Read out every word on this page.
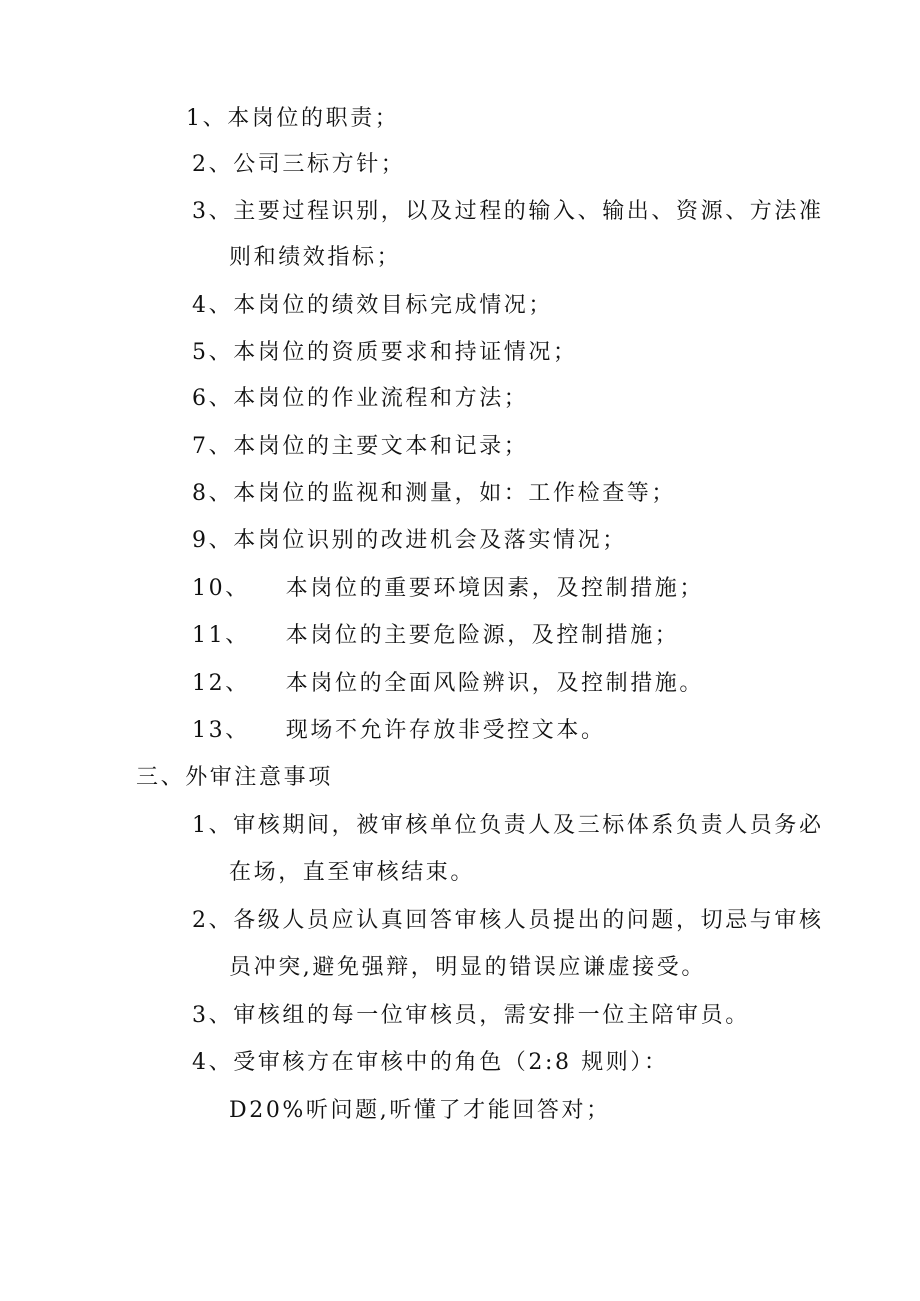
1、本岗位的职责；
2、公司三标方针；
3、主要过程识别，以及过程的输入、输出、资源、方法准
则和绩效指标；
4、本岗位的绩效目标完成情况；
5、本岗位的资质要求和持证情况；
6、本岗位的作业流程和方法；
7、本岗位的主要文本和记录；
8、本岗位的监视和测量，如：工作检查等；
9、本岗位识别的改进机会及落实情况；
10、 本岗位的重要环境因素，及控制措施；
11、 本岗位的主要危险源，及控制措施；
12、 本岗位的全面风险辨识，及控制措施。
13、 现场不允许存放非受控文本。
三、外审注意事项
1、审核期间，被审核单位负责人及三标体系负责人员务必
在场，直至审核结束。
2、各级人员应认真回答审核人员提出的问题，切忌与审核
员冲突,避免强辩，明显的错误应谦虚接受。
3、审核组的每一位审核员，需安排一位主陪审员。
4、受审核方在审核中的角色（2:8 规则）：
D20%听问题,听懂了才能回答对；
